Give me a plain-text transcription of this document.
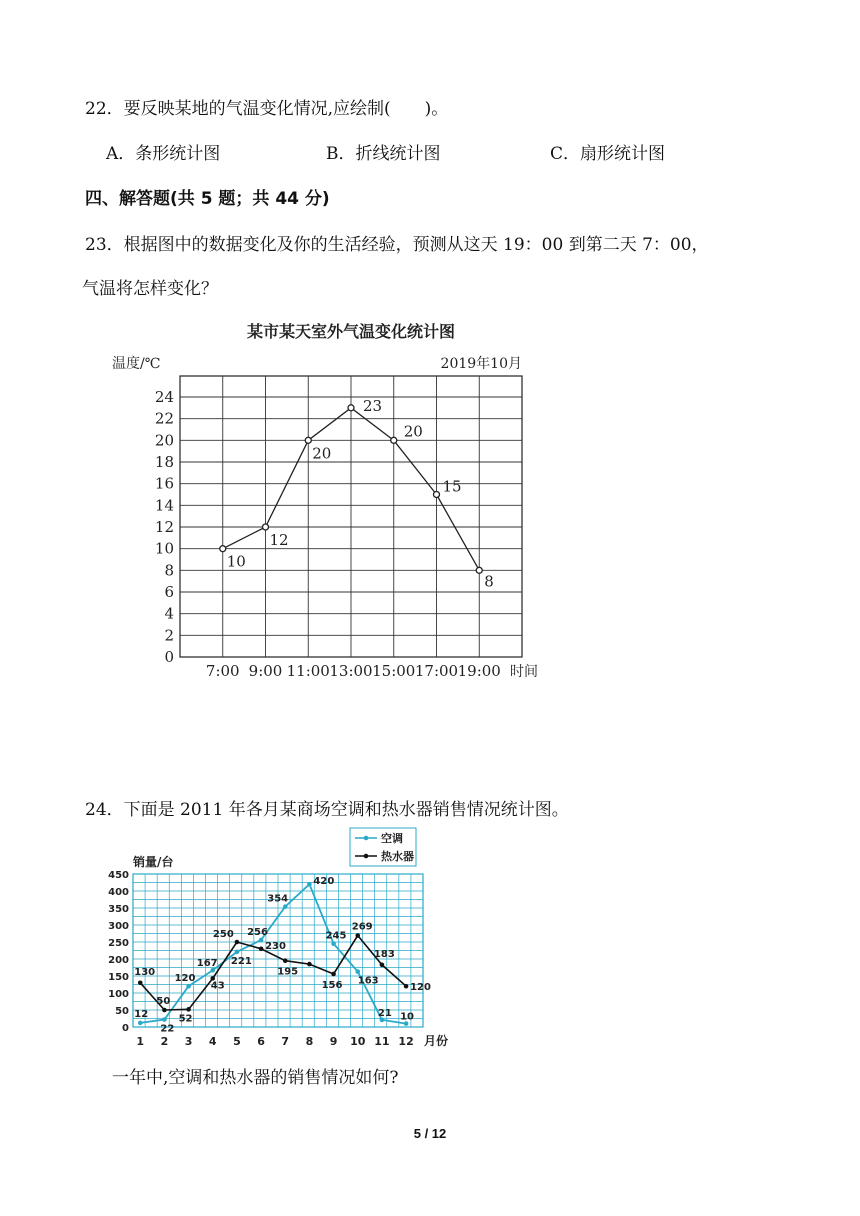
22．要反映某地的气温变化情况,应绘制(　　)。
A．条形统计图	B．折线统计图	C．扇形统计图
四、解答题(共 5 题；共 44 分)
23．根据图中的数据变化及你的生活经验，预测从这天 19：00 到第二天 7：00，
气温将怎样变化？
某市某天室外气温变化统计图
温度/℃	2019年10月
0
2
4
6
8
10
12
14
16
18
20
22
24
7:00 9:00 11:00 13:00 15:00 17:00 19:00 时间
10
12
20
23
20
15
8
24．下面是 2011 年各月某商场空调和热水器销售情况统计图。
销量/台
0
50
100
150
200
250
300
350
400
450
1 2 3 4 5 6 7 8 9 10 11 12 月份
空调
热水器
12
22
120
167 221
256
354
420
245
163
21 10
130
50
52
43
250
230
195
156
269
183
120
一年中,空调和热水器的销售情况如何?
5 / 12
